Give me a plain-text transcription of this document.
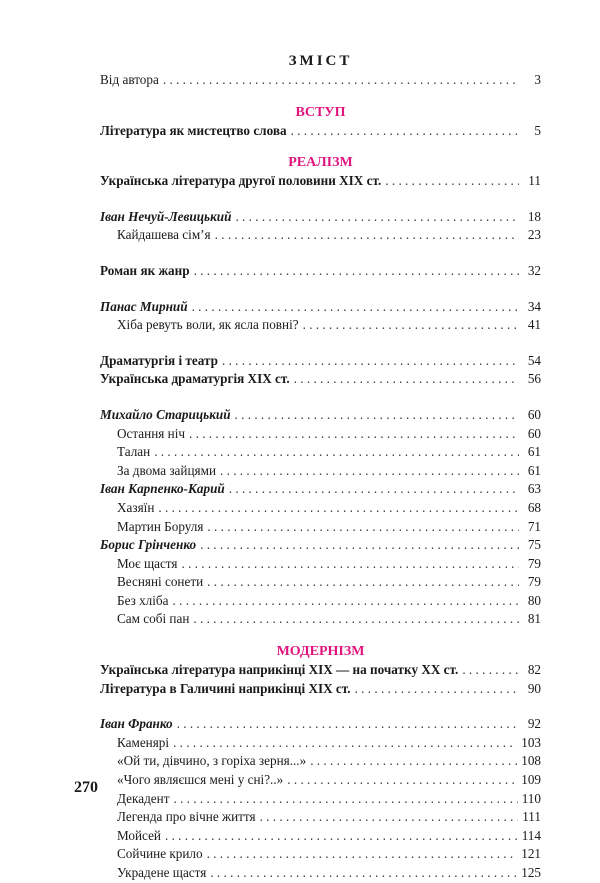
ЗМІСТ
Від автора . . .	3
ВСТУП
Література як мистецтво слова . . .	5
РЕАЛІЗМ
Українська література другої половини ХІХ ст. . . .	11
Іван Нечуй-Левицький . . .	18
Кайдашева сім’я . . .	23
Роман як жанр . . .	32
Панас Мирний . . .	34
Хіба ревуть воли, як ясла повні? . . .	41
Драматургія і театр . . .	54
Українська драматургія ХІХ ст. . . .	56
Михайло Старицький . . .	60
Остання ніч . . .	60
Талан . . .	61
За двома зайцями . . .	61
Іван Карпенко-Карий . . .	63
Хазяїн . . .	68
Мартин Боруля . . .	71
Борис Грінченко . . .	75
Моє щастя . . .	79
Весняні сонети . . .	79
Без хліба . . .	80
Сам собі пан . . .	81
МОДЕРНІЗМ
Українська література наприкінці ХІХ — на початку ХХ ст. . . .	82
Література в Галичині наприкінці ХІХ ст. . . .	90
Іван Франко . . .	92
Каменярі . . .	103
«Ой ти, дівчино, з горіха зерня...» . . .	108
«Чого являєшся мені у сні?..» . . .	109
Декадент . . .	110
Легенда про вічне життя . . .	111
Мойсей . . .	114
Сойчине крило . . .	121
Украдене щастя . . .	125
270
